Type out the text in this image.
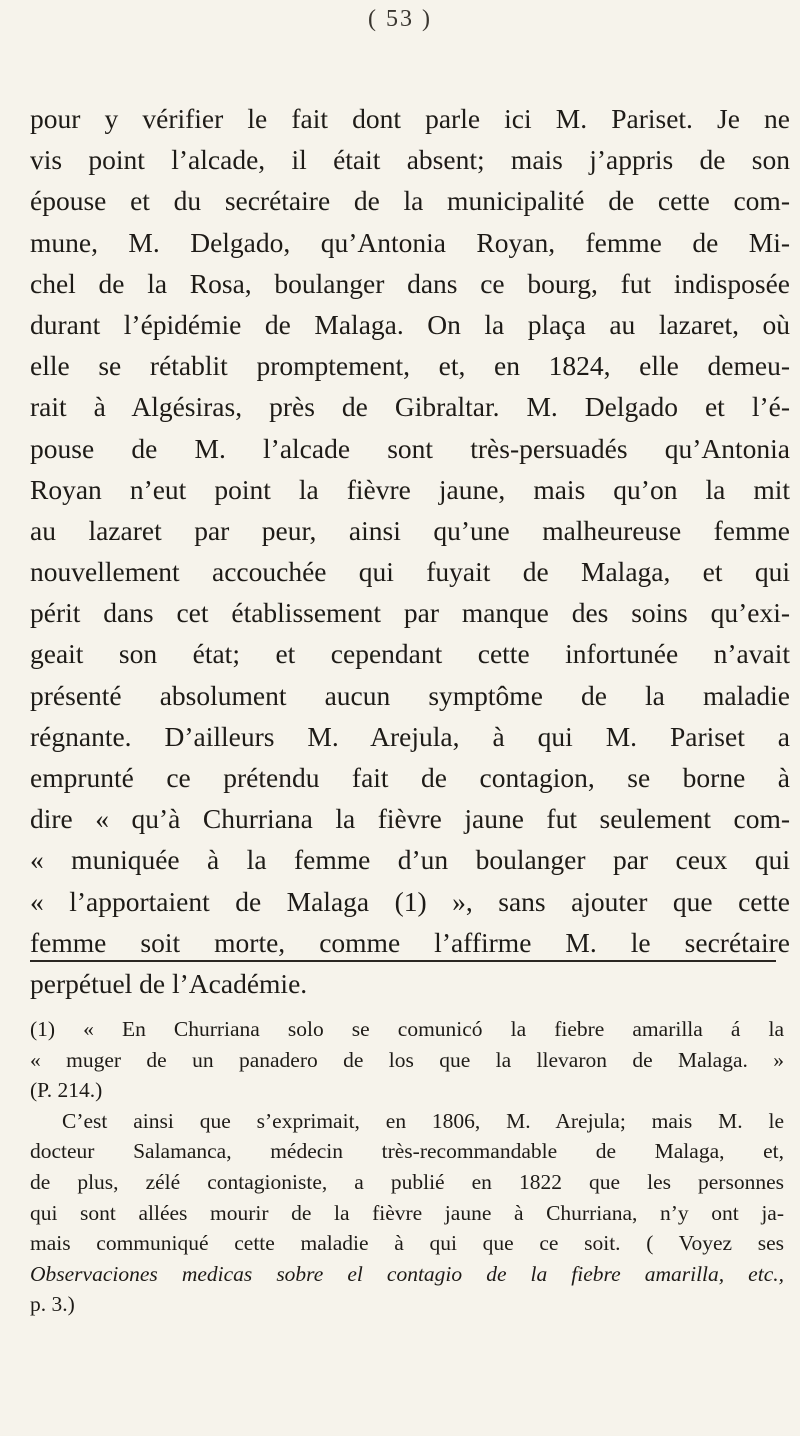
( 53 )
pour y vérifier le fait dont parle ici M. Pariset. Je ne
vis point l’alcade, il était absent; mais j’appris de son
épouse et du secrétaire de la municipalité de cette com-
mune, M. Delgado, qu’Antonia Royan, femme de Mi-
chel de la Rosa, boulanger dans ce bourg, fut indisposée
durant l’épidémie de Malaga. On la plaça au lazaret, où
elle se rétablit promptement, et, en 1824, elle demeu-
rait à Algésiras, près de Gibraltar. M. Delgado et l’é-
pouse de M. l’alcade sont très-persuadés qu’Antonia
Royan n’eut point la fièvre jaune, mais qu’on la mit
au lazaret par peur, ainsi qu’une malheureuse femme
nouvellement accouchée qui fuyait de Malaga, et qui
périt dans cet établissement par manque des soins qu’exi-
geait son état; et cependant cette infortunée n’avait
présenté absolument aucun symptôme de la maladie
régnante. D’ailleurs M. Arejula, à qui M. Pariset a
emprunté ce prétendu fait de contagion, se borne à
dire « qu’à Churriana la fièvre jaune fut seulement com-
« muniquée à la femme d’un boulanger par ceux qui
« l’apportaient de Malaga (1) », sans ajouter que cette
femme soit morte, comme l’affirme M. le secrétaire
perpétuel de l’Académie.
(1) « En Churriana solo se comunicó la fiebre amarilla á la
« muger de un panadero de los que la llevaron de Malaga. »
(P. 214.)
C’est ainsi que s’exprimait, en 1806, M. Arejula; mais M. le
docteur Salamanca, médecin très-recommandable de Malaga, et,
de plus, zélé contagioniste, a publié en 1822 que les personnes
qui sont allées mourir de la fièvre jaune à Churriana, n’y ont ja-
mais communiqué cette maladie à qui que ce soit. ( Voyez ses
Observaciones medicas sobre el contagio de la fiebre amarilla, etc.,
p. 3.)
